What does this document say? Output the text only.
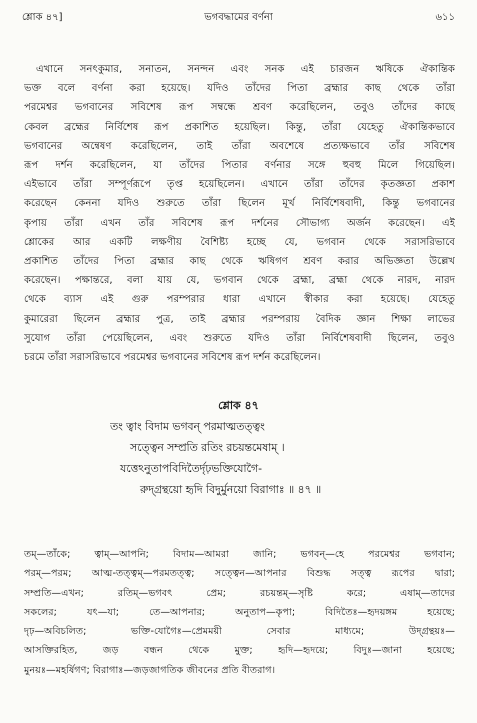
শ্লোক ৪৭]	ভগবদ্ধামের বর্ণনা	৬১১
এখানে সনৎকুমার, সনাতন, সনন্দন এবং সনক এই চারজন ঋষিকে ঐকান্তিক
ভক্ত বলে বর্ণনা করা হয়েছে। যদিও তাঁদের পিতা ব্রহ্মার কাছ থেকে তাঁরা
পরমেশ্বর ভগবানের সবিশেষ রূপ সম্বন্ধে শ্রবণ করেছিলেন, তবুও তাঁদের কাছে
কেবল ব্রহ্মের নির্বিশেষ রূপ প্রকাশিত হয়েছিল। কিন্তু, তাঁরা যেহেতু ঐকান্তিকভাবে
ভগবানের অন্বেষণ করেছিলেন, তাই তাঁরা অবশেষে প্রত্যক্ষভাবে তাঁর সবিশেষ
রূপ দর্শন করেছিলেন, যা তাঁদের পিতার বর্ণনার সঙ্গে হুবহু মিলে গিয়েছিল।
এইভাবে তাঁরা সম্পূর্ণরূপে তৃপ্ত হয়েছিলেন। এখানে তাঁরা তাঁদের কৃতজ্ঞতা প্রকাশ
করেছেন কেননা যদিও শুরুতে তাঁরা ছিলেন মূর্খ নির্বিশেষবাদী, কিন্তু ভগবানের
কৃপায় তাঁরা এখন তাঁর সবিশেষ রূপ দর্শনের সৌভাগ্য অর্জন করেছেন। এই
শ্লোকের আর একটি লক্ষণীয় বৈশিষ্ট্য হচ্ছে যে, ভগবান থেকে সরাসরিভাবে
প্রকাশিত তাঁদের পিতা ব্রহ্মার কাছ থেকে ঋষিগণ শ্রবণ করার অভিজ্ঞতা উল্লেখ
করেছেন। পক্ষান্তরে, বলা যায় যে, ভগবান থেকে ব্রহ্মা, ব্রহ্মা থেকে নারদ, নারদ
থেকে ব্যাস এই গুরু পরম্পরার ধারা এখানে স্বীকার করা হয়েছে। যেহেতু
কুমারেরা ছিলেন ব্রহ্মার পুত্র, তাই ব্রহ্মার পরম্পরায় বৈদিক জ্ঞান শিক্ষা লাভের
সুযোগ তাঁরা পেয়েছিলেন, এবং শুরুতে যদিও তাঁরা নির্বিশেষবাদী ছিলেন, তবুও
চরমে তাঁরা সরাসরিভাবে পরমেশ্বর ভগবানের সবিশেষ রূপ দর্শন করেছিলেন।
শ্লোক ৪৭
তং ত্বাং বিদাম ভগবন্ পরমাত্মতত্ত্বং
সত্ত্বেন সম্প্রতি রতিং রচয়ন্তমেষাম্ ।
যত্তেঽনুতাপবিদিতৈর্দৃঢ়ভক্তিযোগৈ-
রুদ্গ্রন্থয়ো হৃদি বিদুর্মুনয়ো বিরাগাঃ ॥ ৪৭ ॥
তম্—তাঁকে; ত্বাম্—আপনি; বিদাম—আমরা জানি; ভগবন্—হে পরমেশ্বর ভগবান;
পরম্—পরম; আত্ম-তত্ত্বম্—পরমতত্ত্ব; সত্ত্বেন—আপনার বিশুদ্ধ সত্ত্ব রূপের দ্বারা;
সম্প্রতি—এখন; রতিম্—ভগবৎ প্রেম; রচয়ন্তম্—সৃষ্টি করে; এষাম্—তাদের
সকলের; যৎ—যা; তে—আপনার; অনুতাপ—কৃপা; বিদিতৈঃ—হৃদয়ঙ্গম হয়েছে;
দৃঢ়—অবিচলিত; ভক্তি-যোগৈঃ—প্রেমময়ী সেবার মাধ্যমে; উদ্গ্রন্থয়ঃ—
আসক্তিরহিত, জড় বন্ধন থেকে মুক্ত; হৃদি—হৃদয়ে; বিদুঃ—জানা হয়েছে;
মুনয়ঃ—মহর্ষিগণ; বিরাগাঃ—জড়জাগতিক জীবনের প্রতি বীতরাগ।
